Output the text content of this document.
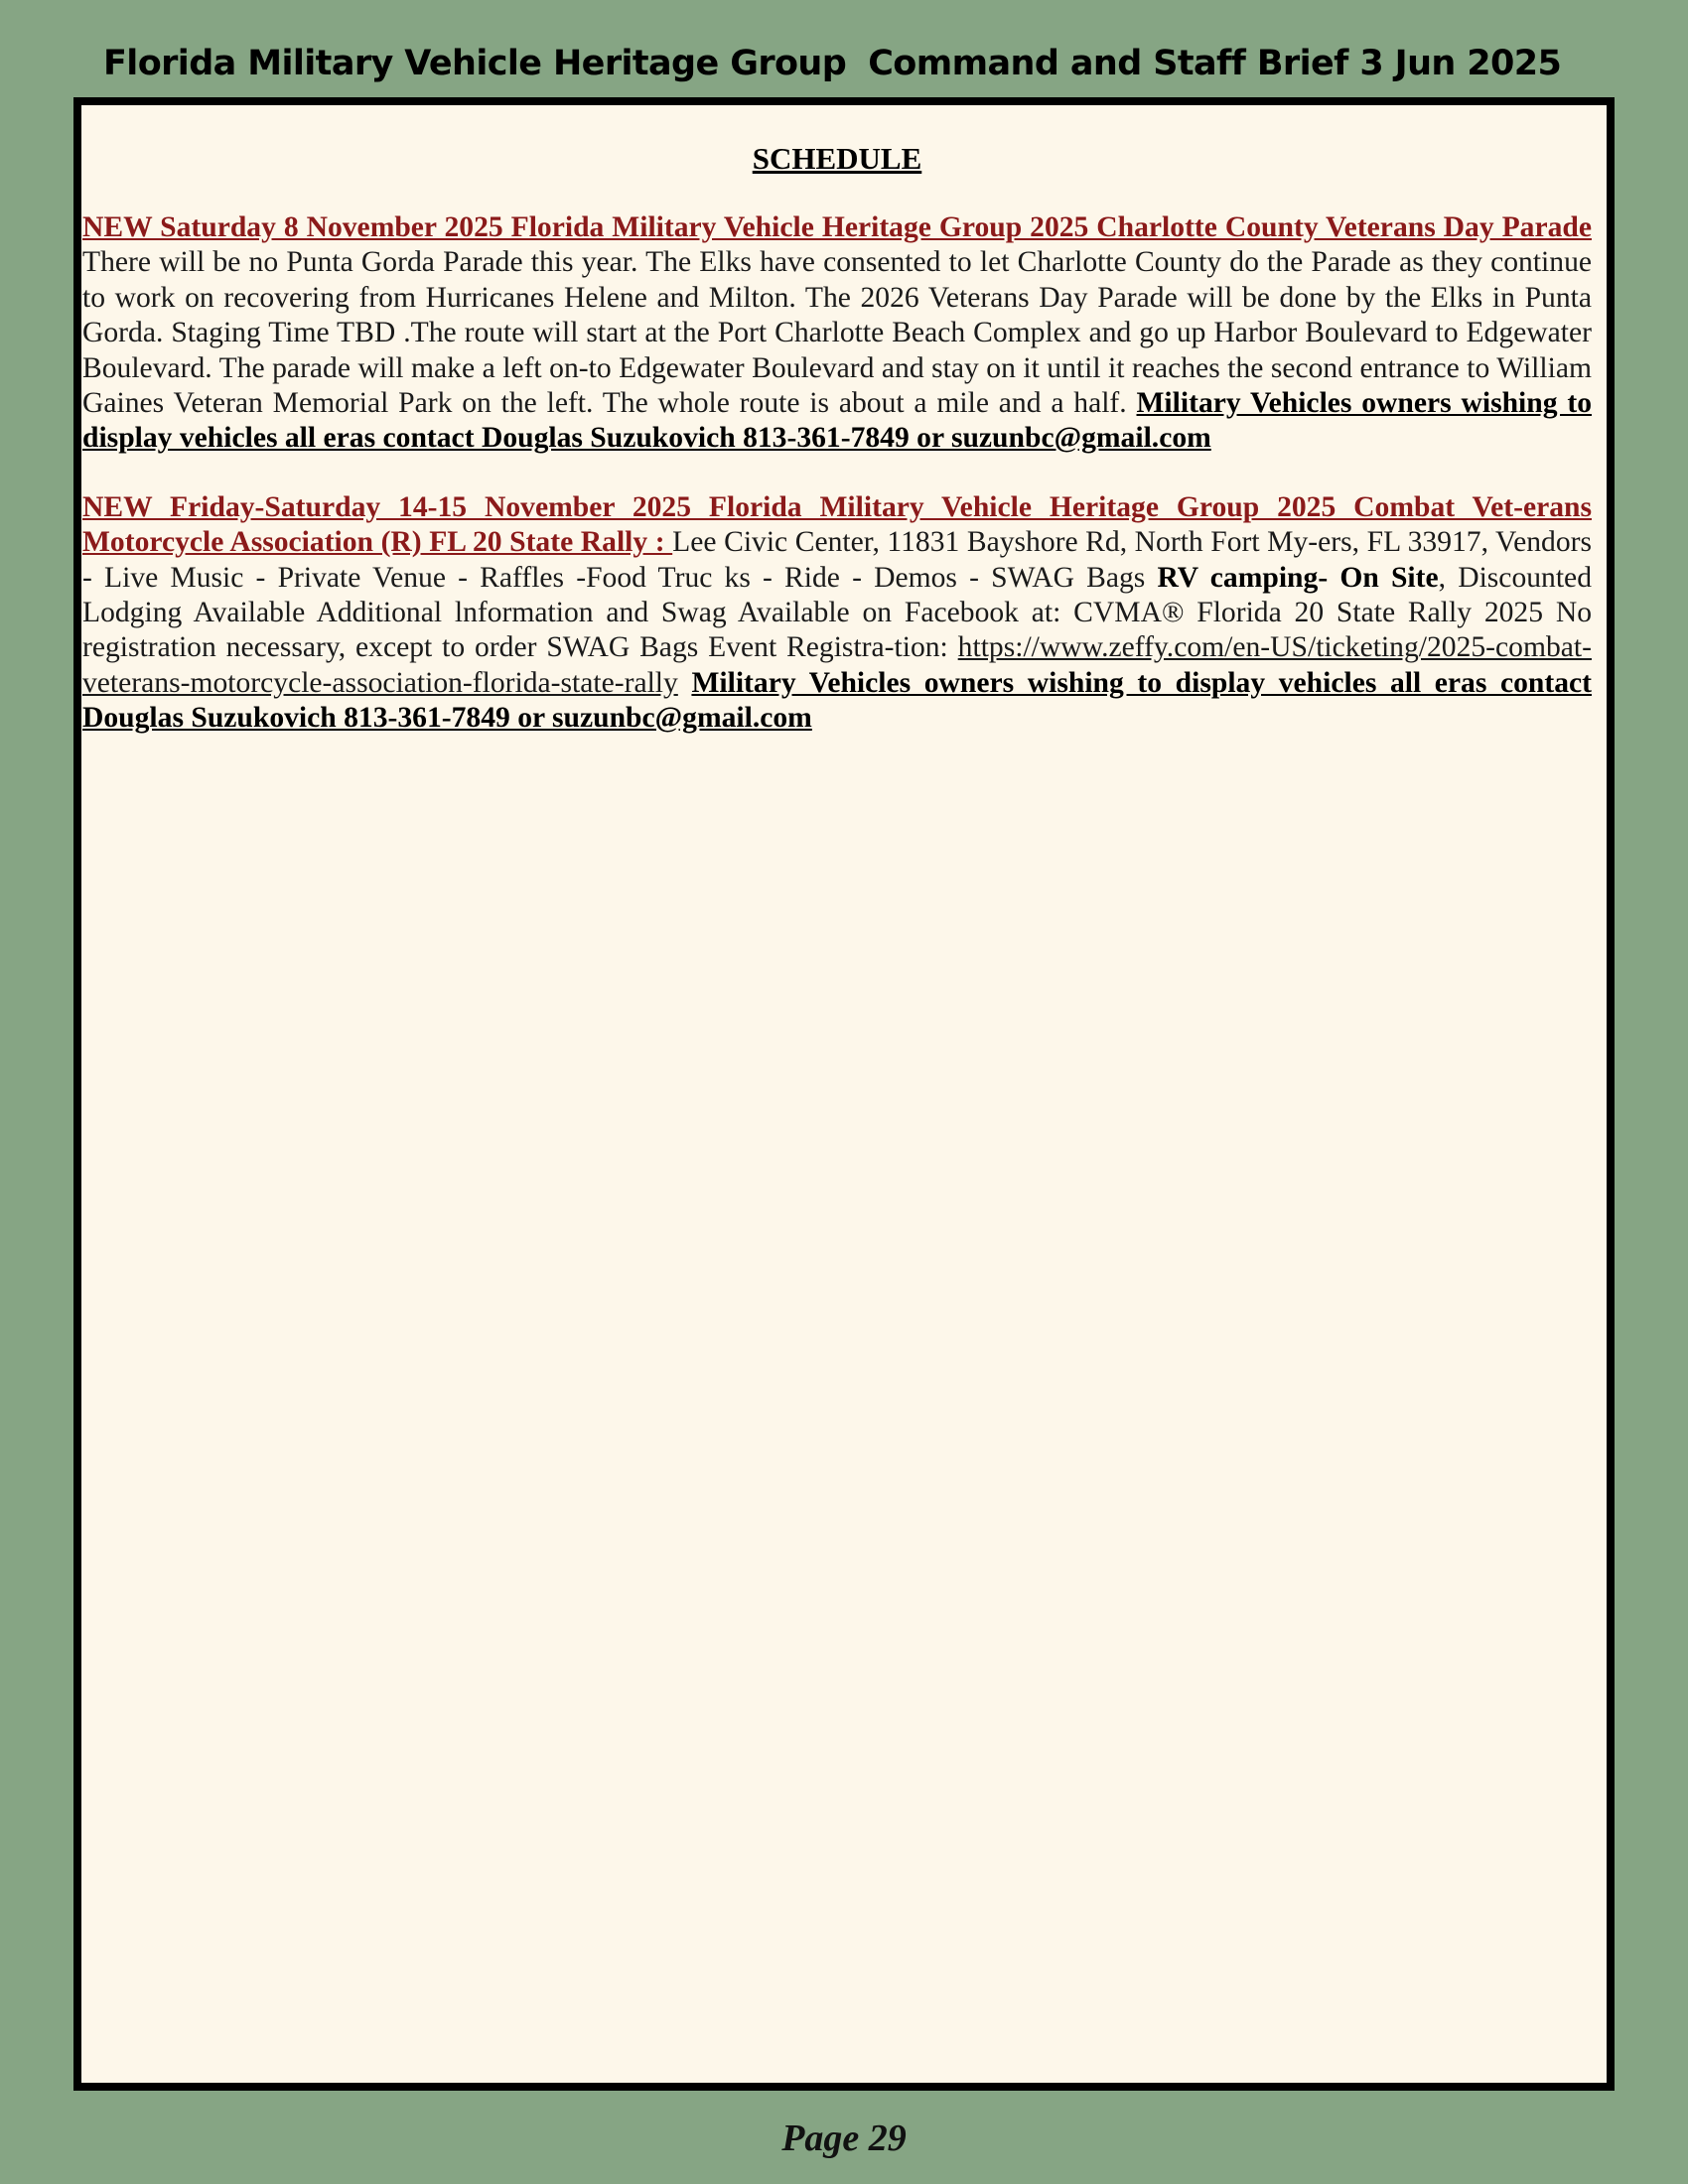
Florida Military Vehicle Heritage Group Command and Staff Brief 3 Jun 2025
SCHEDULE
NEW Saturday 8 November 2025 Florida Military Vehicle Heritage Group 2025 Charlotte County Veterans Day Parade There will be no Punta Gorda Parade this year. The Elks have consented to let Charlotte County do the Parade as they continue to work on recovering from Hurricanes Helene and Milton. The 2026 Veterans Day Parade will be done by the Elks in Punta Gorda. Staging Time TBD .The route will start at the Port Charlotte Beach Complex and go up Harbor Boulevard to Edgewater Boulevard. The parade will make a left on-to Edgewater Boulevard and stay on it until it reaches the second entrance to William Gaines Veteran Memorial Park on the left. The whole route is about a mile and a half. Military Vehicles owners wishing to display vehicles all eras contact Douglas Suzukovich 813-361-7849 or suzunbc@gmail.com
NEW Friday-Saturday 14-15 November 2025 Florida Military Vehicle Heritage Group 2025 Combat Vet-erans Motorcycle Association (R) FL 20 State Rally : Lee Civic Center, 11831 Bayshore Rd, North Fort My-ers, FL 33917, Vendors - Live Music - Private Venue - Raffles -Food Truc ks - Ride - Demos - SWAG Bags RV camping- On Site, Discounted Lodging Available Additional lnformation and Swag Available on Facebook at: CVMA® Florida 20 State Rally 2025 No registration necessary, except to order SWAG Bags Event Registra-tion: https://www.zeffy.com/en-US/ticketing/2025-combat-veterans-motorcycle-association-florida-state-rally Military Vehicles owners wishing to display vehicles all eras contact Douglas Suzukovich 813-361-7849 or suzunbc@gmail.com
Page 29
